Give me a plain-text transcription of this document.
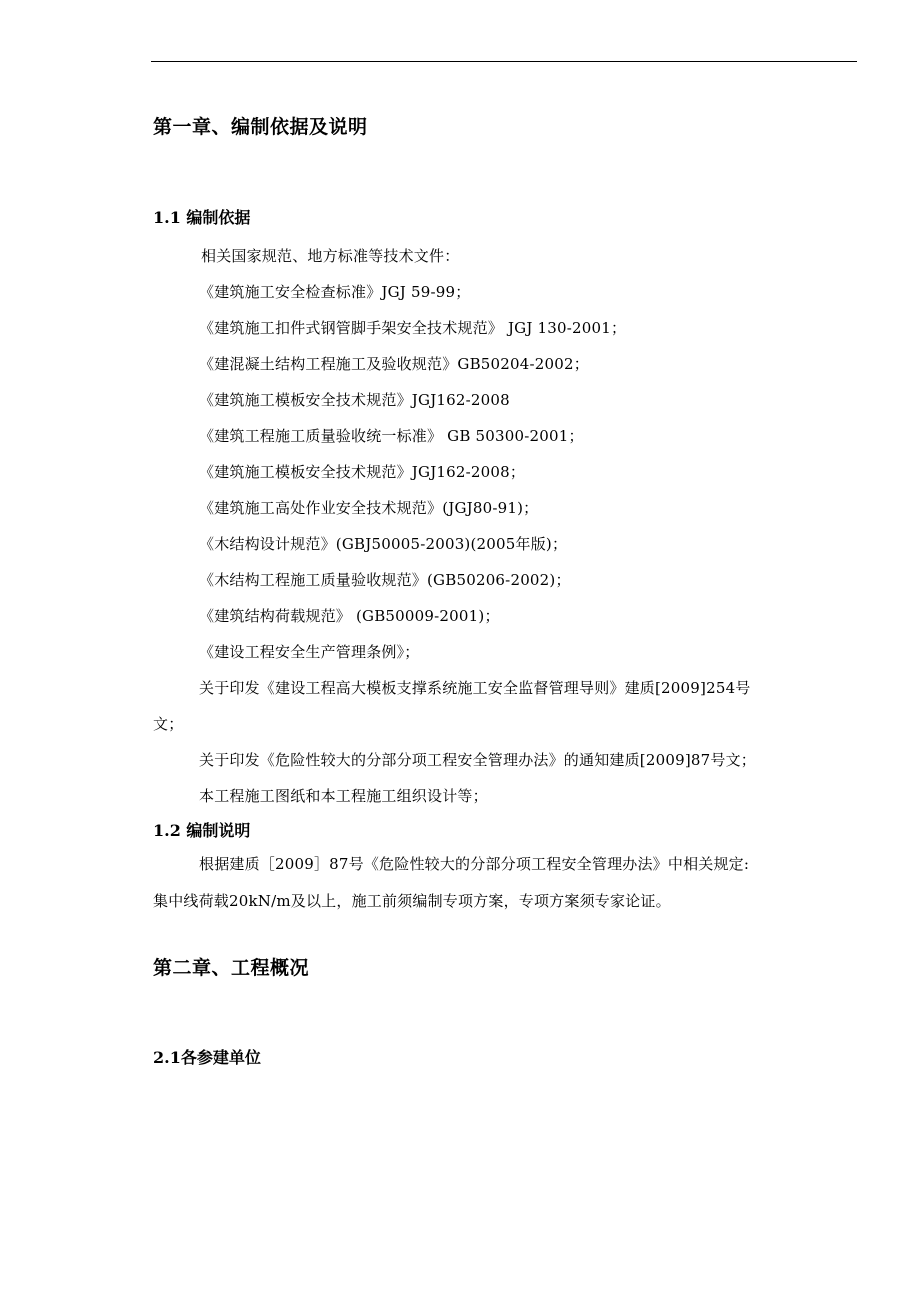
第一章、编制依据及说明
1.1 编制依据
相关国家规范、地方标准等技术文件：
《建筑施工安全检查标准》JGJ 59-99；
《建筑施工扣件式钢管脚手架安全技术规范》 JGJ 130-2001；
《建混凝土结构工程施工及验收规范》GB50204-2002；
《建筑施工模板安全技术规范》JGJ162-2008
《建筑工程施工质量验收统一标准》 GB 50300-2001；
《建筑施工模板安全技术规范》JGJ162-2008；
《建筑施工高处作业安全技术规范》(JGJ80-91)；
《木结构设计规范》(GBJ50005-2003)(2005年版)；
《木结构工程施工质量验收规范》(GB50206-2002)；
《建筑结构荷载规范》 (GB50009-2001)；
《建设工程安全生产管理条例》；
关于印发《建设工程高大模板支撑系统施工安全监督管理导则》建质[2009]254号
文；
关于印发《危险性较大的分部分项工程安全管理办法》的通知建质[2009]87号文；
本工程施工图纸和本工程施工组织设计等；
1.2 编制说明
根据建质［2009］87号《危险性较大的分部分项工程安全管理办法》中相关规定:
集中线荷载20kN/m及以上，施工前须编制专项方案，专项方案须专家论证。
第二章、工程概况
2.1各参建单位
